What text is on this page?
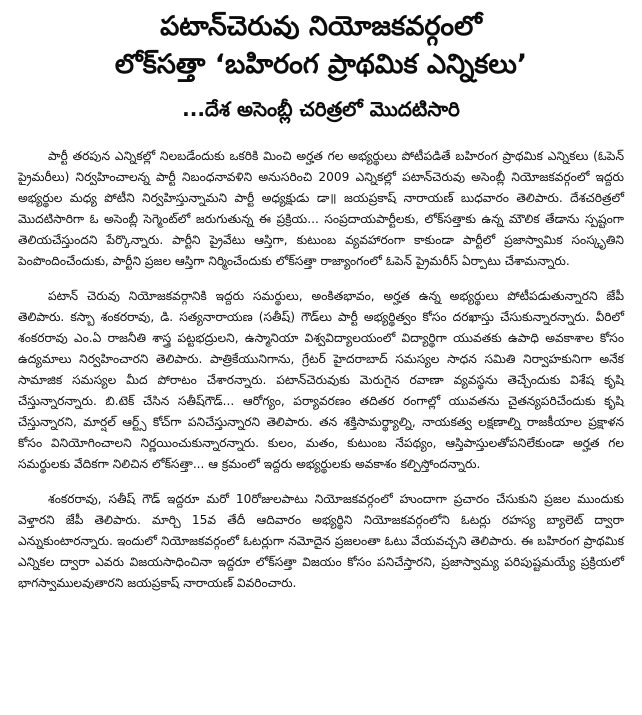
పటాన్‌చెరువు నియోజకవర్గంలో
లోక్‌సత్తా ‘బహిరంగ ప్రాథమిక ఎన్నికలు’
...దేశ అసెంబ్లీ చరిత్రలో మొదటిసారి

పార్టీ తరపున ఎన్నికల్లో నిలబడేందుకు ఒకరికి మించి అర్హత గల అభ్యర్థులు పోటీపడితే బహిరంగ ప్రాథమిక ఎన్నికలు (ఓపెన్ ప్రైమరీలు) నిర్వహించాలన్న పార్టీ నిబంధనావళిని అనుసరించి 2009 ఎన్నికల్లో పటాన్‌చెరువు అసెంబ్లీ నియోజకవర్గంలో ఇద్దరు అభ్యర్థుల మధ్య పోటీని నిర్వహిస్తున్నామని పార్టీ అధ్యక్షుడు డా॥ జయప్రకాష్ నారాయణ్ బుధవారం తెలిపారు. దేశచరిత్రలో మొదటిసారిగా ఓ అసెంబ్లీ సెగ్మెంట్‌లో జరుగుతున్న ఈ ప్రక్రియ... సంప్రదాయపార్టీలకు, లోక్‌సత్తాకు ఉన్న మౌలిక తేడాను స్పష్టంగా తెలియచేస్తుందని పేర్కొన్నారు. పార్టీని ప్రైవేటు ఆస్తిగా, కుటుంబ వ్యవహారంగా కాకుండా పార్టీలో ప్రజాస్వామిక సంస్కృతిని పెంపొందించేందుకు, పార్టీని ప్రజల ఆస్తిగా నిర్మించేందుకు లోక్‌సత్తా రాజ్యాంగంలో ఓపెన్ ప్రైమరీస్ ఏర్పాటు చేశామన్నారు.

పటాన్ చెరువు నియోజకవర్గానికి ఇద్దరు సమర్థులు, అంకితభావం, అర్హత ఉన్న అభ్యర్థులు పోటీపడుతున్నారని జేపీ తెలిపారు. కస్బా శంకరరావు, డి. సత్యనారాయణ (సతీష్) గౌడ్‌లు పార్టీ అభ్యర్థిత్వం కోసం దరఖాస్తు చేసుకున్నారన్నారు. వీరిలో శంకరరావు ఎం.ఏ రాజనీతి శాస్త్ర పట్టభద్రులని, ఉస్మానియా విశ్వవిద్యాలయంలో విద్యార్థిగా యువతకు ఉపాధి అవకాశాల కోసం ఉద్యమాలు నిర్వహించారని తెలిపారు. పాత్రికేయునిగాను, గ్రేటర్ హైదరాబాద్ సమస్యల సాధన సమితి నిర్వాహకునిగా అనేక సామాజిక సమస్యల మీద పోరాటం చేశారన్నారు. పటాన్‌చెరువుకు మెరుగైన రవాణా వ్యవస్థను తెచ్చేందుకు విశేష కృషి చేస్తున్నారన్నారు. బి.టెక్ చేసిన సతీష్‌గౌడ్... ఆరోగ్యం, పర్యావరణం తదితర రంగాల్లో యువతను చైతన్యపరిచేందుకు కృషి చేస్తున్నారని, మార్షల్ ఆర్ట్స్ కోచ్‌గా పనిచేస్తున్నారని తెలిపారు. తన శక్తిసామర్థ్యాల్ని, నాయకత్వ లక్షణాల్ని రాజకీయాల ప్రక్షాళన కోసం వినియోగించాలని నిర్ణయించుకున్నారన్నారు. కులం, మతం, కుటుంబ నేపథ్యం, ఆస్తిపాస్తులతోపనిలేకుండా అర్హత గల సమర్థులకు వేదికగా నిలిచిన లోక్‌సత్తా... ఆ క్రమంలో ఇద్దరు అభ్యర్థులకు అవకాశం కల్పిస్తోందన్నారు.

శంకరరావు, సతీష్ గౌడ్ ఇద్దరూ మరో 10రోజులపాటు నియోజకవర్గంలో హుందాగా ప్రచారం చేసుకుని ప్రజల ముందుకు వెళ్తారని జేపీ తెలిపారు. మార్చి 15వ తేదీ ఆదివారం అభ్యర్థిని నియోజకవర్గంలోని ఓటర్లు రహస్య బ్యాలెట్ ద్వారా ఎన్నుకుంటారన్నారు. ఇందులో నియోజకవర్గంలో ఓటర్లుగా నమోదైన ప్రజలంతా ఓటు వేయవచ్చని తెలిపారు. ఈ బహిరంగ ప్రాథమిక ఎన్నికల ద్వారా ఎవరు విజయసాధించినా ఇద్దరూ లోక్‌సత్తా విజయం కోసం పనిచేస్తారని, ప్రజాస్వామ్య పరిపుష్టమయ్యే ప్రక్రియలో భాగస్వాములవుతారని జయప్రకాష్ నారాయణ్ వివరించారు.
